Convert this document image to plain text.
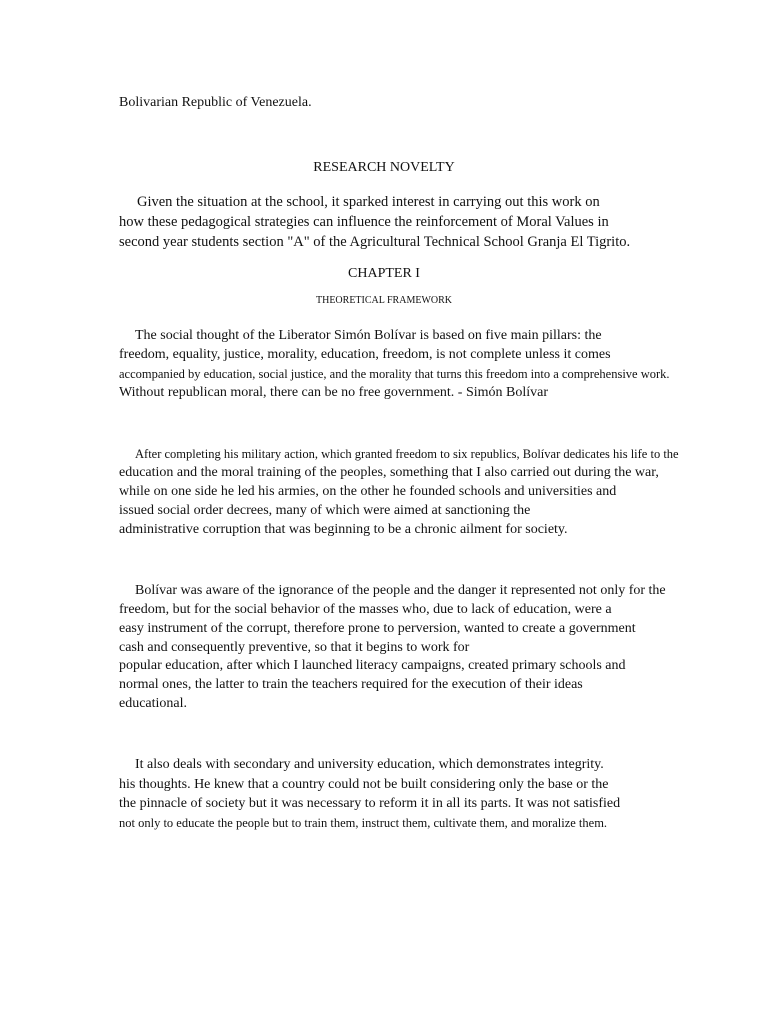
Bolivarian Republic of Venezuela.
RESEARCH NOVELTY
Given the situation at the school, it sparked interest in carrying out this work on
how these pedagogical strategies can influence the reinforcement of Moral Values in
second year students section "A" of the Agricultural Technical School Granja El Tigrito.
CHAPTER I
THEORETICAL FRAMEWORK
The social thought of the Liberator Simón Bolívar is based on five main pillars: the
freedom, equality, justice, morality, education, freedom, is not complete unless it comes
accompanied by education, social justice, and the morality that turns this freedom into a comprehensive work.
Without republican moral, there can be no free government. - Simón Bolívar
After completing his military action, which granted freedom to six republics, Bolívar dedicates his life to the
education and the moral training of the peoples, something that I also carried out during the war,
while on one side he led his armies, on the other he founded schools and universities and
issued social order decrees, many of which were aimed at sanctioning the
administrative corruption that was beginning to be a chronic ailment for society.
Bolívar was aware of the ignorance of the people and the danger it represented not only for the
freedom, but for the social behavior of the masses who, due to lack of education, were a
easy instrument of the corrupt, therefore prone to perversion, wanted to create a government
cash and consequently preventive, so that it begins to work for
popular education, after which I launched literacy campaigns, created primary schools and
normal ones, the latter to train the teachers required for the execution of their ideas
educational.
It also deals with secondary and university education, which demonstrates integrity.
his thoughts. He knew that a country could not be built considering only the base or the
the pinnacle of society but it was necessary to reform it in all its parts. It was not satisfied
not only to educate the people but to train them, instruct them, cultivate them, and moralize them.
